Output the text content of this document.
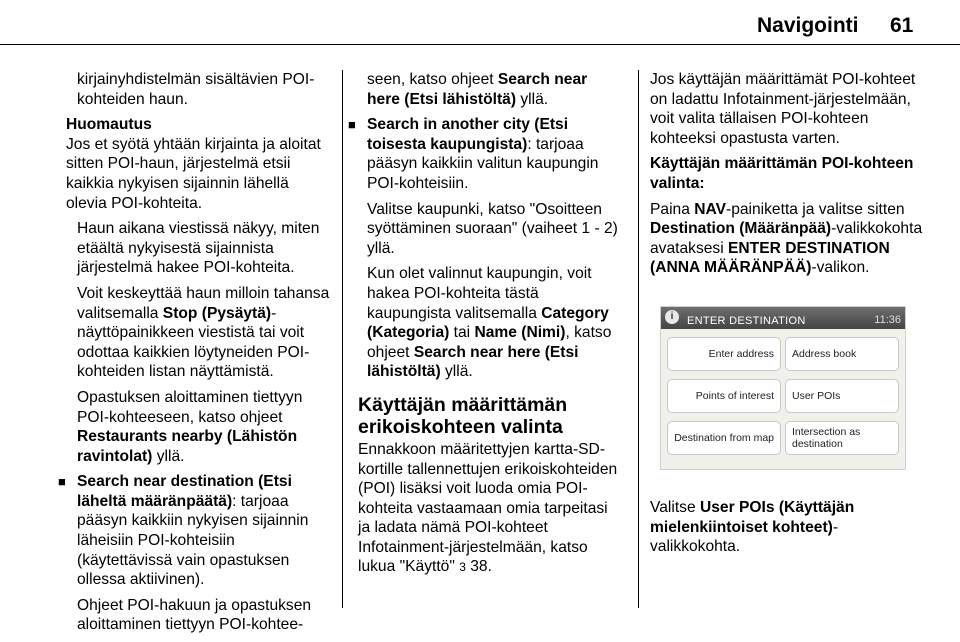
Navigointi 61

kirjainyhdistelmän sisältävien POI-kohteiden haun.

Huomautus

Jos et syötä yhtään kirjainta ja aloitat sitten POI-haun, järjestelmä etsii kaikkia nykyisen sijainnin lähellä olevia POI-kohteita.

Haun aikana viestissä näkyy, miten etäältä nykyisestä sijainnista järjestelmä hakee POI-kohteita.

Voit keskeyttää haun milloin tahansa valitsemalla Stop (Pysäytä)-näyttöpainikkeen viestistä tai voit odottaa kaikkien löytyneiden POI-kohteiden listan näyttämistä.

Opastuksen aloittaminen tiettyyn POI-kohteeseen, katso ohjeet Restaurants nearby (Lähistön ravintolat) yllä.

■ Search near destination (Etsi läheltä määränpäätä): tarjoaa pääsyn kaikkiin nykyisen sijainnin läheisiin POI-kohteisiin (käytettävissä vain opastuksen ollessa aktiivinen).

Ohjeet POI-hakuun ja opastuksen aloittaminen tiettyyn POI-kohtee-

seen, katso ohjeet Search near here (Etsi lähistöltä) yllä.

■ Search in another city (Etsi toisesta kaupungista): tarjoaa pääsyn kaikkiin valitun kaupungin POI-kohteisiin.

Valitse kaupunki, katso "Osoitteen syöttäminen suoraan" (vaiheet 1 - 2) yllä.

Kun olet valinnut kaupungin, voit hakea POI-kohteita tästä kaupungista valitsemalla Category (Kategoria) tai Name (Nimi), katso ohjeet Search near here (Etsi lähistöltä) yllä.

Käyttäjän määrittämän erikoiskohteen valinta

Ennakkoon määritettyjen kartta-SD-kortille tallennettujen erikoiskohteiden (POI) lisäksi voit luoda omia POI-kohteita vastaamaan omia tarpeitasi ja ladata nämä POI-kohteet Infotainment-järjestelmään, katso lukua "Käyttö" 3 38.

Jos käyttäjän määrittämät POI-kohteet on ladattu Infotainment-järjestelmään, voit valita tällaisen POI-kohteen kohteeksi opastusta varten.

Käyttäjän määrittämän POI-kohteen valinta:

Paina NAV-painiketta ja valitse sitten Destination (Määränpää)-valikkokohta avataksesi ENTER DESTINATION (ANNA MÄÄRÄNPÄÄ)-valikon.

i	ENTER DESTINATION	11:36
Enter address	Address book
Points of interest	User POIs
Destination from map	Intersection as destination

Valitse User POIs (Käyttäjän mielenkiintoiset kohteet)-valikkokohta.
